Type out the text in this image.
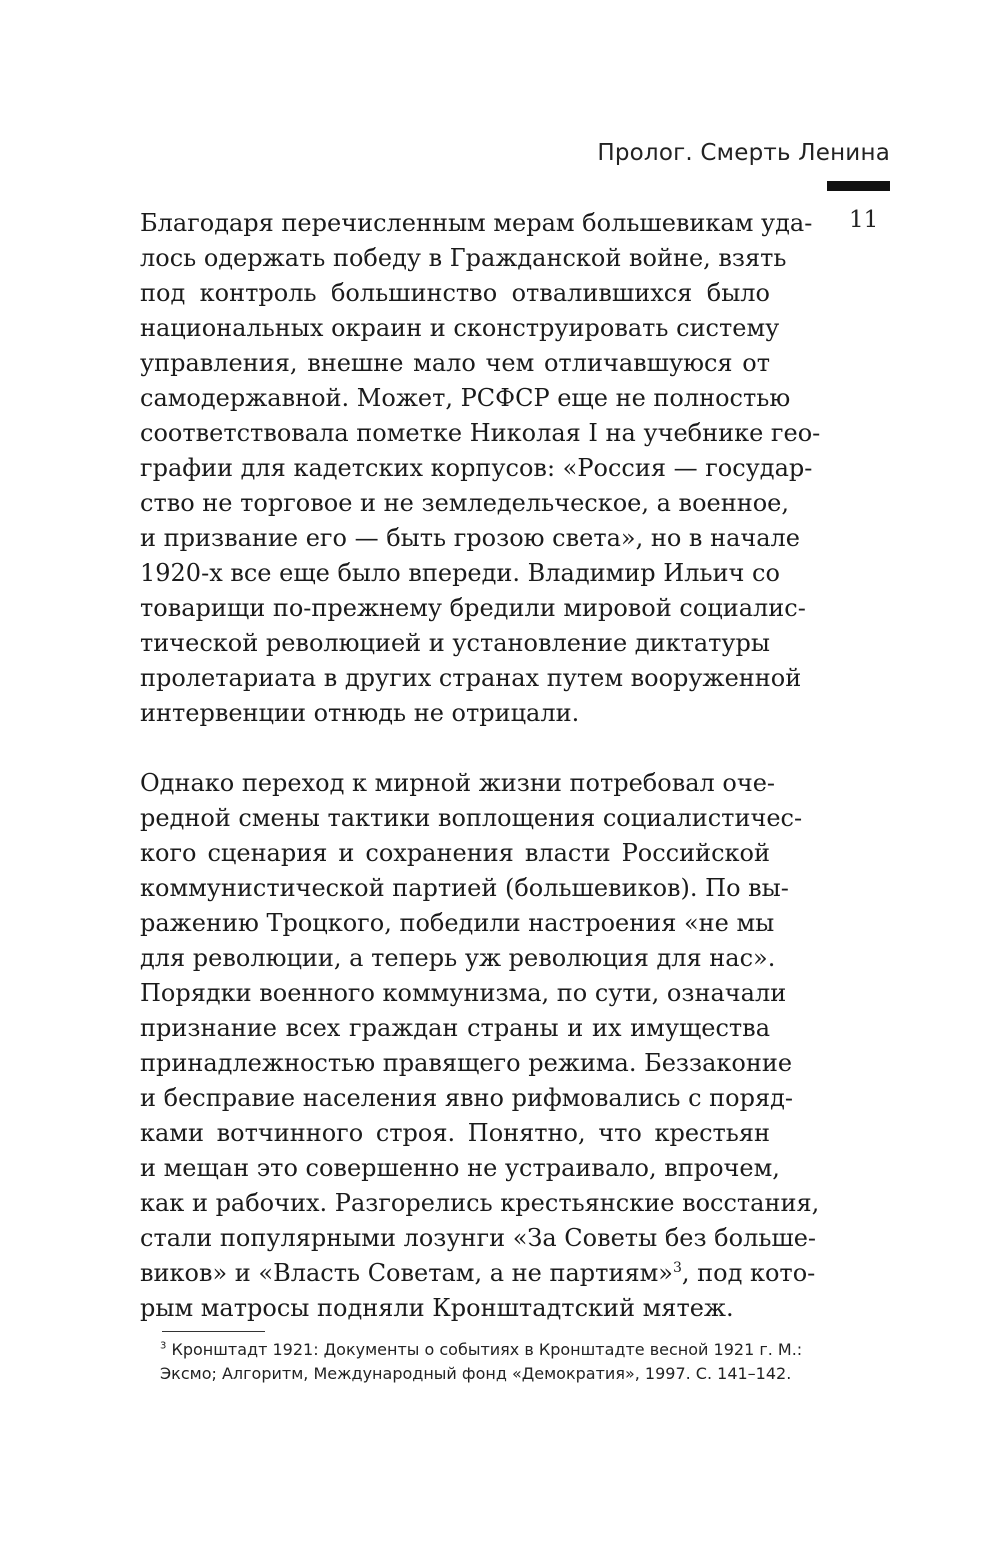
Пролог. Смерть Ленина
11

Благодаря перечисленным мерам большевикам уда-
лось одержать победу в Гражданской войне, взять
под контроль большинство отвалившихся было
национальных окраин и сконструировать систему
управления, внешне мало чем отличавшуюся от
самодержавной. Может, РСФСР еще не полностью
соответствовала пометке Николая I на учебнике гео-
графии для кадетских корпусов: «Россия — государ-
ство не торговое и не земледельческое, а военное,
и призвание его — быть грозою света», но в начале
1920-х все еще было впереди. Владимир Ильич со
товарищи по-прежнему бредили мировой социалис-
тической революцией и установление диктатуры
пролетариата в других странах путем вооруженной
интервенции отнюдь не отрицали.

Однако переход к мирной жизни потребовал оче-
редной смены тактики воплощения социалистичес-
кого сценария и сохранения власти Российской
коммунистической партией (большевиков). По вы-
ражению Троцкого, победили настроения «не мы
для революции, а теперь уж революция для нас».
Порядки военного коммунизма, по сути, означали
признание всех граждан страны и их имущества
принадлежностью правящего режима. Беззаконие
и бесправие населения явно рифмовались с поряд-
ками вотчинного строя. Понятно, что крестьян
и мещан это совершенно не устраивало, впрочем,
как и рабочих. Разгорелись крестьянские восстания,
стали популярными лозунги «За Советы без больше-
виков» и «Власть Советам, а не партиям»$^3$, под кото-
рым матросы подняли Кронштадтский мятеж.

$^3$ Кронштадт 1921: Документы о событиях в Кронштадте весной 1921 г. М.:
Эксмо; Алгоритм, Международный фонд «Демократия», 1997. С. 141–142.
